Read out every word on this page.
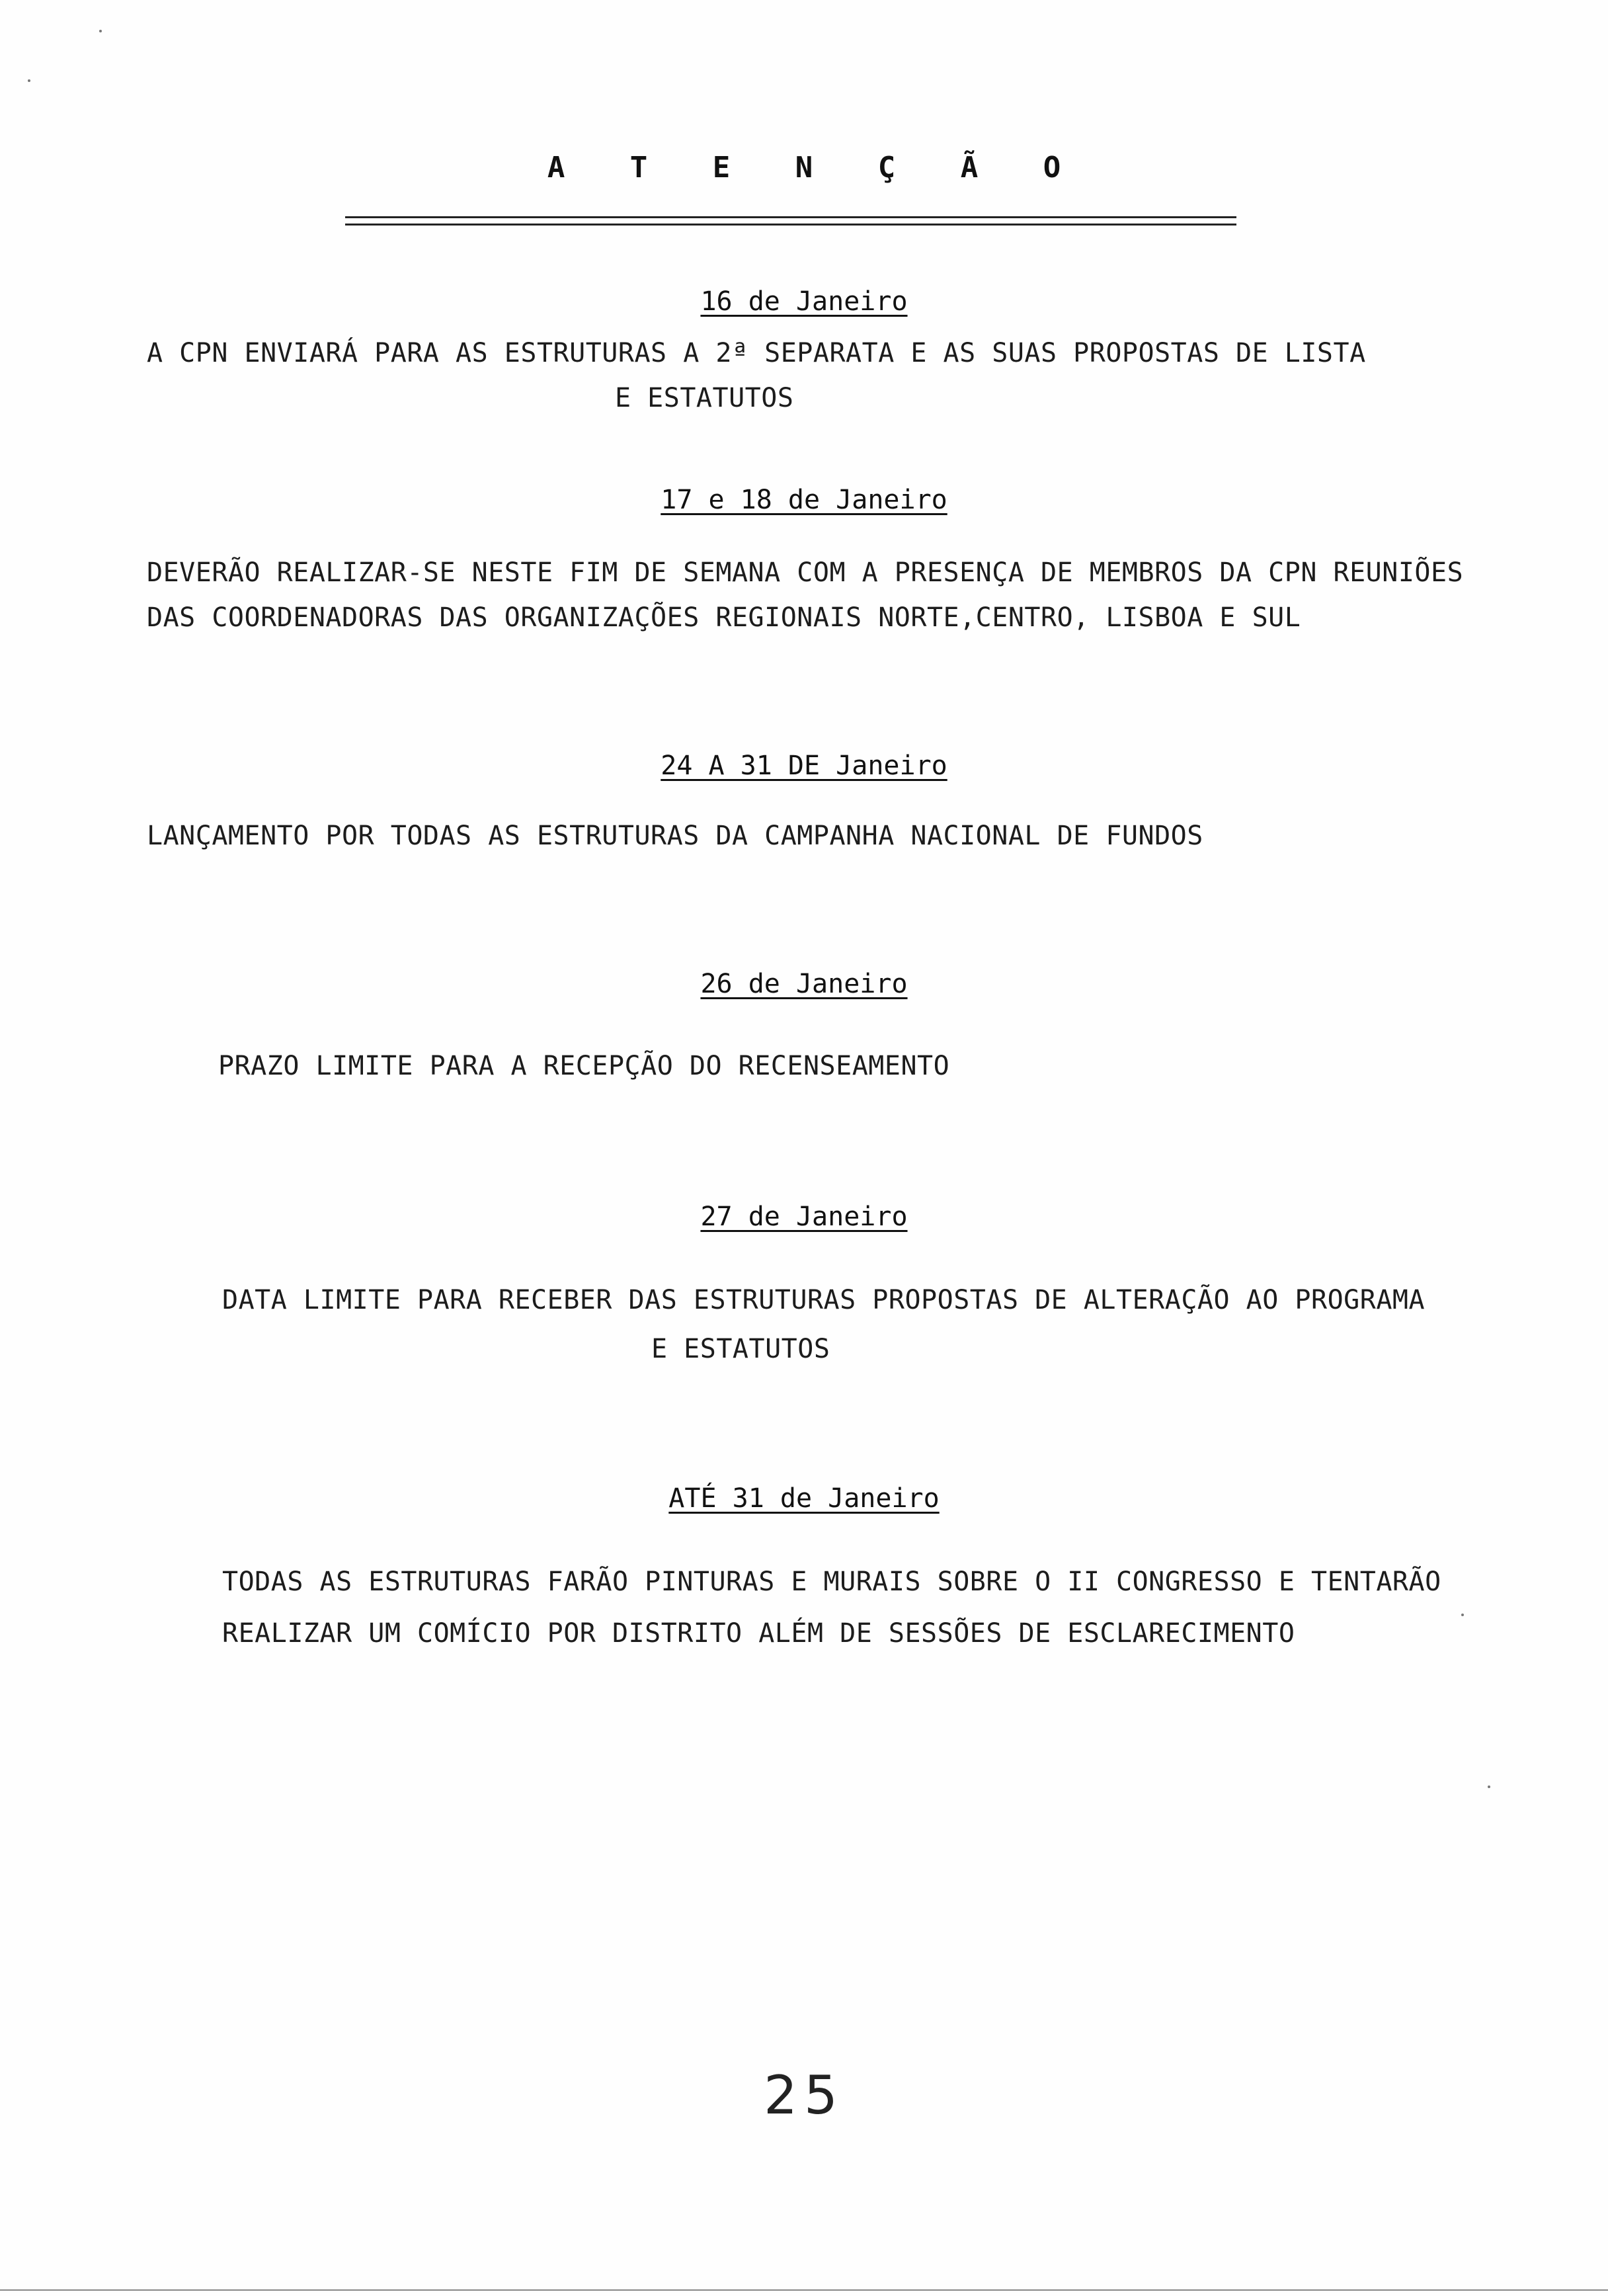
A T E N Ç Ã O
16 de Janeiro
A CPN ENVIARÁ PARA AS ESTRUTURAS A 2ª SEPARATA E AS SUAS PROPOSTAS DE LISTA
E ESTATUTOS
17 e 18 de Janeiro
DEVERÃO REALIZAR-SE NESTE FIM DE SEMANA COM A PRESENÇA DE MEMBROS DA CPN REUNIÕES
DAS COORDENADORAS DAS ORGANIZAÇÕES REGIONAIS NORTE,CENTRO, LISBOA E SUL
24 A 31 DE Janeiro
LANÇAMENTO POR TODAS AS ESTRUTURAS DA CAMPANHA NACIONAL DE FUNDOS
26 de Janeiro
PRAZO LIMITE PARA A RECEPÇÃO DO RECENSEAMENTO
27 de Janeiro
DATA LIMITE PARA RECEBER DAS ESTRUTURAS PROPOSTAS DE ALTERAÇÃO AO PROGRAMA
E ESTATUTOS
ATÉ 31 de Janeiro
TODAS AS ESTRUTURAS FARÃO PINTURAS E MURAIS SOBRE O II CONGRESSO E TENTARÃO
REALIZAR UM COMÍCIO POR DISTRITO ALÉM DE SESSÕES DE ESCLARECIMENTO
25
